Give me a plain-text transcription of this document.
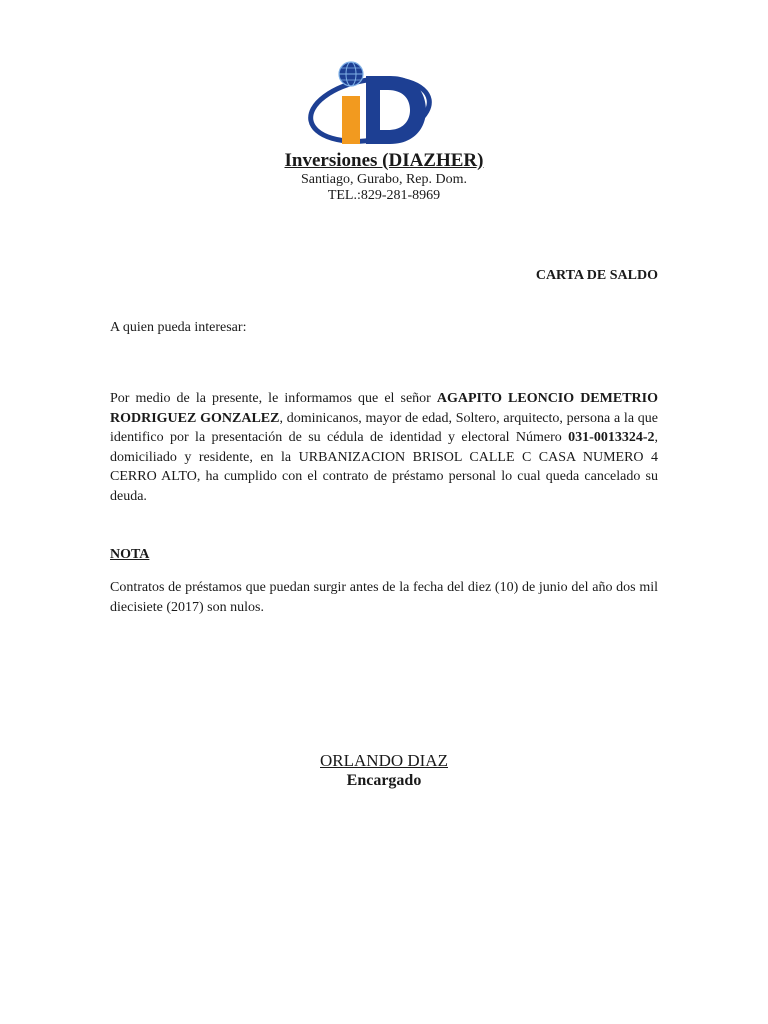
Inversiones (DIAZHER)
Santiago, Gurabo, Rep. Dom.
TEL.:829-281-8969
CARTA DE SALDO
A quien pueda interesar:

Por medio de la presente, le informamos que el señor AGAPITO LEONCIO DEMETRIO RODRIGUEZ GONZALEZ, dominicanos, mayor de edad, Soltero, arquitecto, persona a la que identifico por la presentación de su cédula de identidad y electoral Número 031-0013324-2, domiciliado y residente, en la URBANIZACION BRISOL CALLE C CASA NUMERO 4 CERRO ALTO, ha cumplido con el contrato de préstamo personal lo cual queda cancelado su deuda.

NOTA

Contratos de préstamos que puedan surgir antes de la fecha del diez (10) de junio del año dos mil diecisiete (2017) son nulos.

ORLANDO DIAZ
Encargado
